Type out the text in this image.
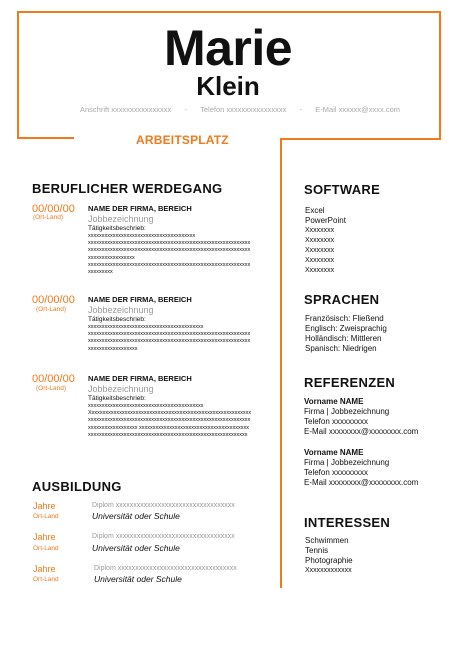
Marie
Klein
Anschrift xxxxxxxxxxxxxxxx - Telefon xxxxxxxxxxxxxxxx - E-Mail xxxxxx@xxxx.com
ARBEITSPLATZ
BERUFLICHER WERDEGANG
00/00/00
(Ort-Land)
NAME DER FIRMA, BEREICH
Jobbezeichnung
Tätigkeitsbeschrieb:
xxxxxxxxxxxxxxxxxxxxxxxxxxxxxxxxxxxxxxx
xxxxxxxxxxxxxxxxxxxxxxxxxxxxxxxxxxxxxxxxxxxxxxxxxxxxxxxxxxx
xxxxxxxxxxxxxxxxxxxxxxxxxxxxxxxxxxxxxxxxxxxxxxxxxxxxxxxxxxx
xxxxxxxxxxxxxxxxx
xxxxxxxxxxxxxxxxxxxxxxxxxxxxxxxxxxxxxxxxxxxxxxxxxxxxxxxxxxx
xxxxxxxxx
00/00/00
(Ort-Land)
NAME DER FIRMA, BEREICH
Jobbezeichnung
Tätigkeitsbeschrieb:
xxxxxxxxxxxxxxxxxxxxxxxxxxxxxxxxxxxxxxxxxx
xxxxxxxxxxxxxxxxxxxxxxxxxxxxxxxxxxxxxxxxxxxxxxxxxxxxxxxxxxx
xxxxxxxxxxxxxxxxxxxxxxxxxxxxxxxxxxxxxxxxxxxxxxxxxxxxxxxxxxx
xxxxxxxxxxxxxxxxxx
00/00/00
(Ort-Land)
NAME DER FIRMA, BEREICH
Jobbezeichnung
Tätigkeitsbeschrieb:
xxxxxxxxxxxxxxxxxxxxxxxxxxxxxxxxxxxxxxxxxx
Xxxxxxxxxxxxxxxxxxxxxxxxxxxxxxxxxxxxxxxxxxxxxxxxxxxxxxxxxxx
xxxxxxxxxxxxxxxxxxxxxxxxxxxxxxxxxxxxxxxxxxxxxxxxxxxxxxxxxxx
xxxxxxxxxxxxxxxxxx xxxxxxxxxxxxxxxxxxxxxxxxxxxxxxxxxxxxxxxx
xxxxxxxxxxxxxxxxxxxxxxxxxxxxxxxxxxxxxxxxxxxxxxxxxxxxxxxxxx
AUSBILDUNG
Jahre
Ort-Land
Diplom xxxxxxxxxxxxxxxxxxxxxxxxxxxxxxxxxx
Universität oder Schule
Jahre
Ort-Land
Diplom xxxxxxxxxxxxxxxxxxxxxxxxxxxxxxxxxx
Universität oder Schule
Jahre
Ort-Land
Diplom xxxxxxxxxxxxxxxxxxxxxxxxxxxxxxxxxx
Universität oder Schule
SOFTWARE
Excel
PowerPoint
Xxxxxxxx
Xxxxxxxx
Xxxxxxxx
Xxxxxxxx
Xxxxxxxx
SPRACHEN
Französisch: Fließend
Englisch: Zweisprachig
Holländisch: Mittleren
Spanisch: Niedrigen
REFERENZEN
Vorname NAME
Firma | Jobbezeichnung
Telefon xxxxxxxxx
E-Mail xxxxxxxx@xxxxxxxx.com
Vorname NAME
Firma | Jobbezeichnung
Telefon xxxxxxxxx
E-Mail xxxxxxxx@xxxxxxxx.com
INTERESSEN
Schwimmen
Tennis
Photographie
Xxxxxxxxxxxxx
